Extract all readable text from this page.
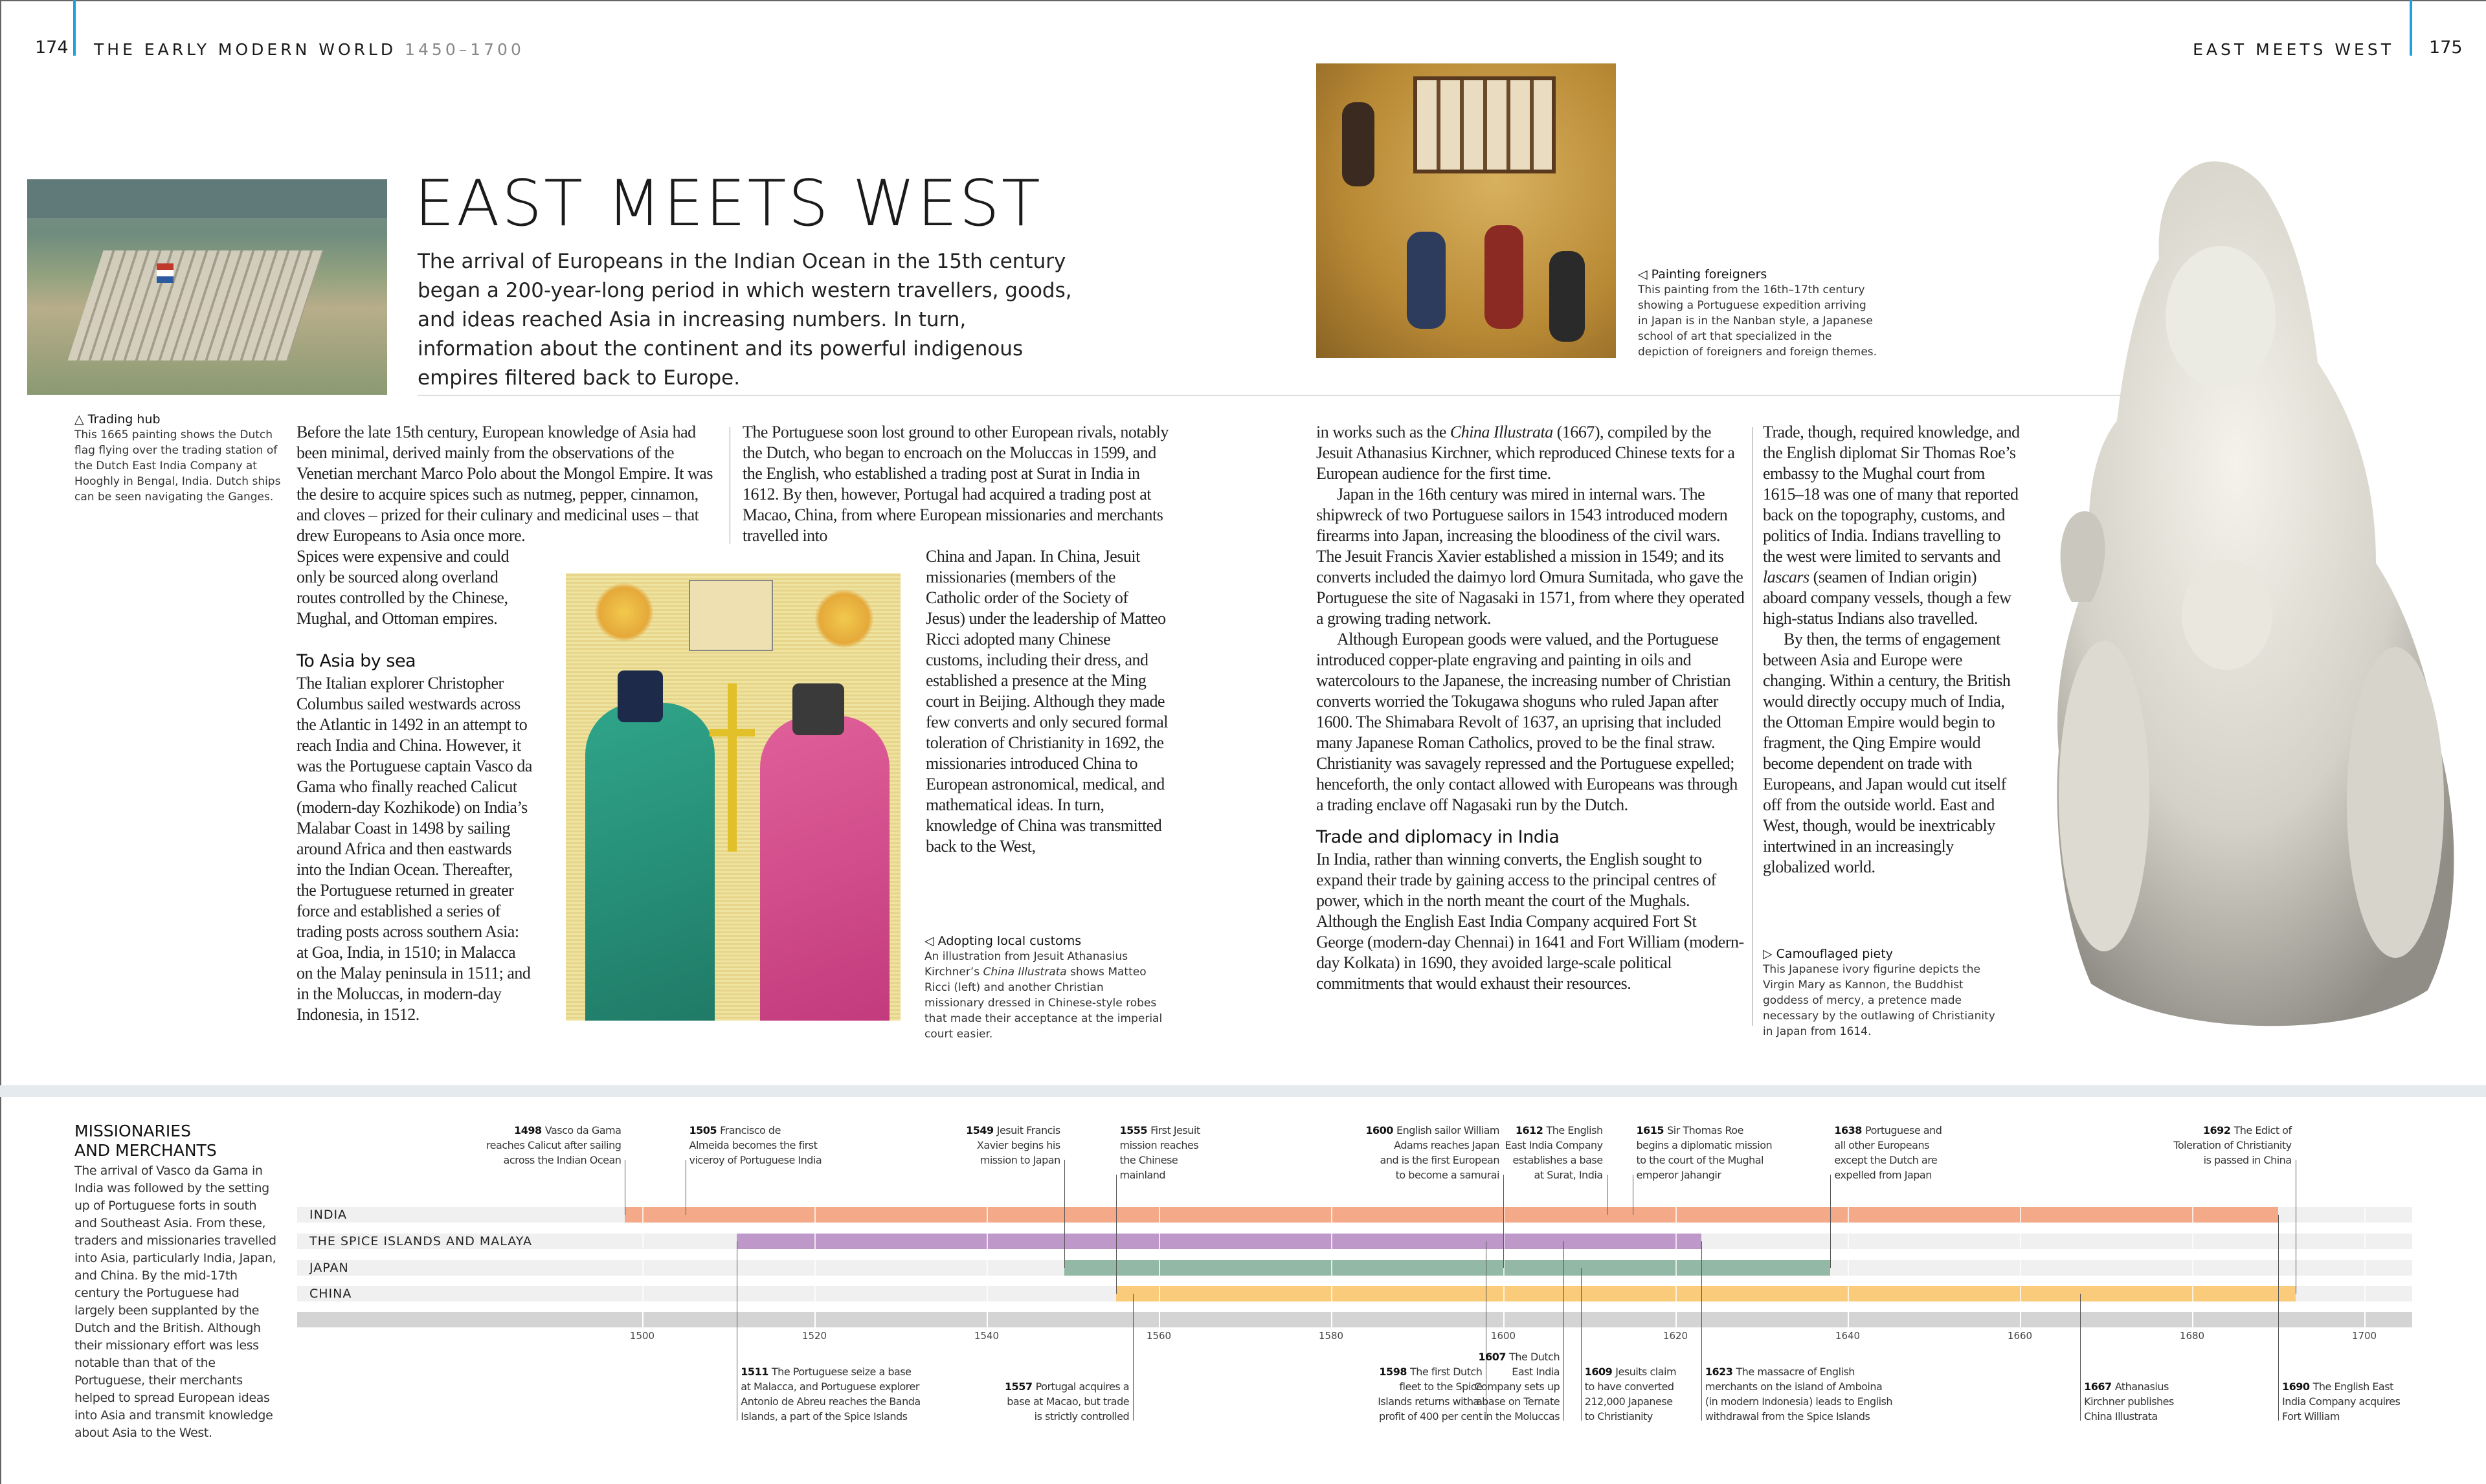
174 THE EARLY MODERN WORLD 1450–1700	EAST MEETS WEST 175
△ Trading hub
This 1665 painting shows the Dutch flag flying over the trading station of the Dutch East India Company at Hooghly in Bengal, India. Dutch ships can be seen navigating the Ganges.
EAST MEETS WEST
The arrival of Europeans in the Indian Ocean in the 15th century began a 200-year-long period in which western travellers, goods, and ideas reached Asia in increasing numbers. In turn, information about the continent and its powerful indigenous empires filtered back to Europe.
◁ Painting foreigners
This painting from the 16th–17th century showing a Portuguese expedition arriving in Japan is in the Nanban style, a Japanese school of art that specialized in the depiction of foreigners and foreign themes.

Before the late 15th century, European knowledge of Asia had been minimal, derived mainly from the observations of the Venetian merchant Marco Polo about the Mongol Empire. It was the desire to acquire spices such as nutmeg, pepper, cinnamon, and cloves – prized for their culinary and medicinal uses – that drew Europeans to Asia once more.

Spices were expensive and could only be sourced along overland routes controlled by the Chinese, Mughal, and Ottoman empires.

To Asia by sea

The Italian explorer Christopher Columbus sailed westwards across the Atlantic in 1492 in an attempt to reach India and China. However, it was the Portuguese captain Vasco da Gama who finally reached Calicut (modern-day Kozhikode) on India’s Malabar Coast in 1498 by sailing around Africa and then eastwards into the Indian Ocean. Thereafter, the Portuguese returned in greater force and established a series of trading posts across southern Asia: at Goa, India, in 1510; in Malacca on the Malay peninsula in 1511; and in the Moluccas, in modern-day Indonesia, in 1512.

The Portuguese soon lost ground to other European rivals, notably the Dutch, who began to encroach on the Moluccas in 1599, and the English, who established a trading post at Surat in India in 1612. By then, however, Portugal had acquired a trading post at Macao, China, from where European missionaries and merchants travelled into

China and Japan. In China, Jesuit missionaries (members of the Catholic order of the Society of Jesus) under the leadership of Matteo Ricci adopted many Chinese customs, including their dress, and established a presence at the Ming court in Beijing. Although they made few converts and only secured formal toleration of Christianity in 1692, the missionaries introduced China to European astronomical, medical, and mathematical ideas. In turn, knowledge of China was transmitted back to the West,

◁ Adopting local customs
An illustration from Jesuit Athanasius Kirchner’s China Illustrata shows Matteo Ricci (left) and another Christian missionary dressed in Chinese-style robes that made their acceptance at the imperial court easier.

in works such as the China Illustrata (1667), compiled by the Jesuit Athanasius Kirchner, which reproduced Chinese texts for a European audience for the first time.

Japan in the 16th century was mired in internal wars. The shipwreck of two Portuguese sailors in 1543 introduced modern firearms into Japan, increasing the bloodiness of the civil wars. The Jesuit Francis Xavier established a mission in 1549; and its converts included the daimyo lord Omura Sumitada, who gave the Portuguese the site of Nagasaki in 1571, from where they operated a growing trading network.

Although European goods were valued, and the Portuguese introduced copper-plate engraving and painting in oils and watercolours to the Japanese, the increasing number of Christian converts worried the Tokugawa shoguns who ruled Japan after 1600. The Shimabara Revolt of 1637, an uprising that included many Japanese Roman Catholics, proved to be the final straw. Christianity was savagely repressed and the Portuguese expelled; henceforth, the only contact allowed with Europeans was through a trading enclave off Nagasaki run by the Dutch.

Trade and diplomacy in India

In India, rather than winning converts, the English sought to expand their trade by gaining access to the principal centres of power, which in the north meant the court of the Mughals. Although the English East India Company acquired Fort St George (modern-day Chennai) in 1641 and Fort William (modern-day Kolkata) in 1690, they avoided large-scale political commitments that would exhaust their resources.

Trade, though, required knowledge, and the English diplomat Sir Thomas Roe’s embassy to the Mughal court from 1615–18 was one of many that reported back on the topography, customs, and politics of India. Indians travelling to the west were limited to servants and lascars (seamen of Indian origin) aboard company vessels, though a few high-status Indians also travelled.

By then, the terms of engagement between Asia and Europe were changing. Within a century, the British would directly occupy much of India, the Ottoman Empire would begin to fragment, the Qing Empire would become dependent on trade with Europeans, and Japan would cut itself off from the outside world. East and West, though, would be inextricably intertwined in an increasingly globalized world.

▷ Camouflaged piety
This Japanese ivory figurine depicts the Virgin Mary as Kannon, the Buddhist goddess of mercy, a pretence made necessary by the outlawing of Christianity in Japan from 1614.
MISSIONARIES
AND MERCHANTS
The arrival of Vasco da Gama in India was followed by the setting up of Portuguese forts in south and Southeast Asia. From these, traders and missionaries travelled into Asia, particularly India, Japan, and China. By the mid-17th century the Portuguese had largely been supplanted by the Dutch and the British. Although their missionary effort was less notable than that of the Portuguese, their merchants helped to spread European ideas into Asia and transmit knowledge about Asia to the West.
INDIA
THE SPICE ISLANDS AND MALAYA
JAPAN
CHINA
1500	1520	1540	1560	1580	1600	1620	1640	1660	1680	1700
1498 Vasco da Gama
reaches Calicut after sailing
across the Indian Ocean
1505 Francisco de
Almeida becomes the first
viceroy of Portuguese India
1549 Jesuit Francis
Xavier begins his
mission to Japan
1555 First Jesuit
mission reaches
the Chinese
mainland
1600 English sailor William
Adams reaches Japan
and is the first European
to become a samurai
1612 The English
East India Company
establishes a base
at Surat, India
1615 Sir Thomas Roe
begins a diplomatic mission
to the court of the Mughal
emperor Jahangir
1638 Portuguese and
all other Europeans
except the Dutch are
expelled from Japan
1692 The Edict of
Toleration of Christianity
is passed in China
1511 The Portuguese seize a base
at Malacca, and Portuguese explorer
Antonio de Abreu reaches the Banda
Islands, a part of the Spice Islands
1557 Portugal acquires a
base at Macao, but trade
is strictly controlled
1598 The first Dutch
fleet to the Spice
Islands returns with a
profit of 400 per cent
1607 The Dutch
East India
Company sets up
a base on Ternate
in the Moluccas
1609 Jesuits claim
to have converted
212,000 Japanese
to Christianity
1623 The massacre of English
merchants on the island of Amboina
(in modern Indonesia) leads to English
withdrawal from the Spice Islands
1667 Athanasius
Kirchner publishes
China Illustrata
1690 The English East
India Company acquires
Fort William
